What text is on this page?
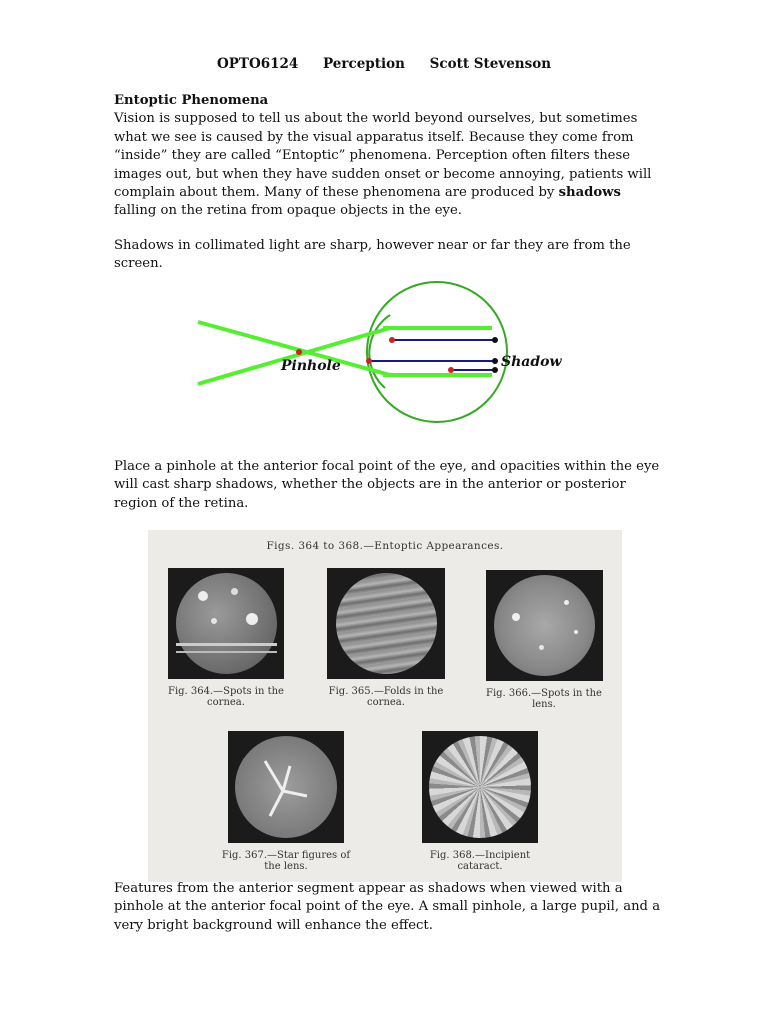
OPTO6124 Perception Scott Stevenson
Entoptic Phenomena
Vision is supposed to tell us about the world beyond ourselves, but sometimes what we see is caused by the visual apparatus itself. Because they come from “inside” they are called “Entoptic” phenomena. Perception often filters these images out, but when they have sudden onset or become annoying, patients will complain about them. Many of these phenomena are produced by shadows falling on the retina from opaque objects in the eye.
Shadows in collimated light are sharp, however near or far they are from the screen.
Pinhole	Shadow
Place a pinhole at the anterior focal point of the eye, and opacities within the eye will cast sharp shadows, whether the objects are in the anterior or posterior region of the retina.
Figs. 364 to 368.—Entoptic Appearances.
Fig. 364.—Spots in the cornea.
Fig. 365.—Folds in the cornea.
Fig. 366.—Spots in the lens.
Fig. 367.—Star figures of the lens.
Fig. 368.—Incipient cataract.
Features from the anterior segment appear as shadows when viewed with a pinhole at the anterior focal point of the eye. A small pinhole, a large pupil, and a very bright background will enhance the effect.
